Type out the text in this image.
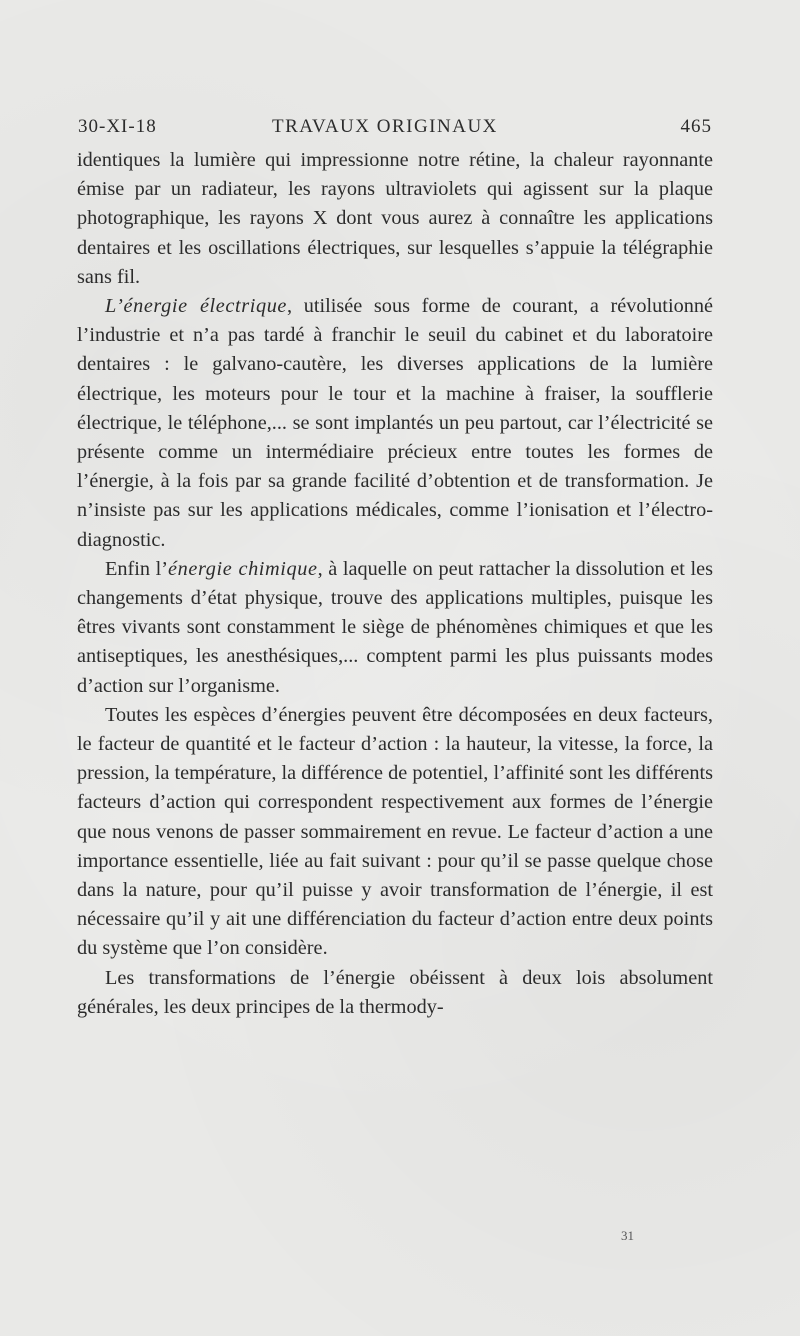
30-XI-18	TRAVAUX ORIGINAUX	465

identiques la lumière qui impressionne notre rétine, la chaleur rayonnante émise par un radiateur, les rayons ultraviolets qui agissent sur la plaque photographique, les rayons X dont vous aurez à connaître les applications dentaires et les oscillations électriques, sur lesquelles s’appuie la télégraphie sans fil.

L’énergie électrique, utilisée sous forme de courant, a révolutionné l’industrie et n’a pas tardé à franchir le seuil du cabinet et du laboratoire dentaires : le galvano-cautère, les diverses applications de la lumière électrique, les moteurs pour le tour et la machine à fraiser, la soufflerie électrique, le téléphone,... se sont implantés un peu partout, car l’électricité se présente comme un intermédiaire précieux entre toutes les formes de l’énergie, à la fois par sa grande facilité d’obtention et de transformation. Je n’insiste pas sur les applications médicales, comme l’ionisation et l’électro-diagnostic.

Enfin l’énergie chimique, à laquelle on peut rattacher la dissolution et les changements d’état physique, trouve des applications multiples, puisque les êtres vivants sont constamment le siège de phénomènes chimiques et que les antiseptiques, les anesthésiques,... comptent parmi les plus puissants modes d’action sur l’organisme.

Toutes les espèces d’énergies peuvent être décomposées en deux facteurs, le facteur de quantité et le facteur d’action : la hauteur, la vitesse, la force, la pression, la température, la différence de potentiel, l’affinité sont les différents facteurs d’action qui correspondent respectivement aux formes de l’énergie que nous venons de passer sommairement en revue. Le facteur d’action a une importance essentielle, liée au fait suivant : pour qu’il se passe quelque chose dans la nature, pour qu’il puisse y avoir transformation de l’énergie, il est nécessaire qu’il y ait une différenciation du facteur d’action entre deux points du système que l’on considère.

Les transformations de l’énergie obéissent à deux lois absolument générales, les deux principes de la thermody-

31
